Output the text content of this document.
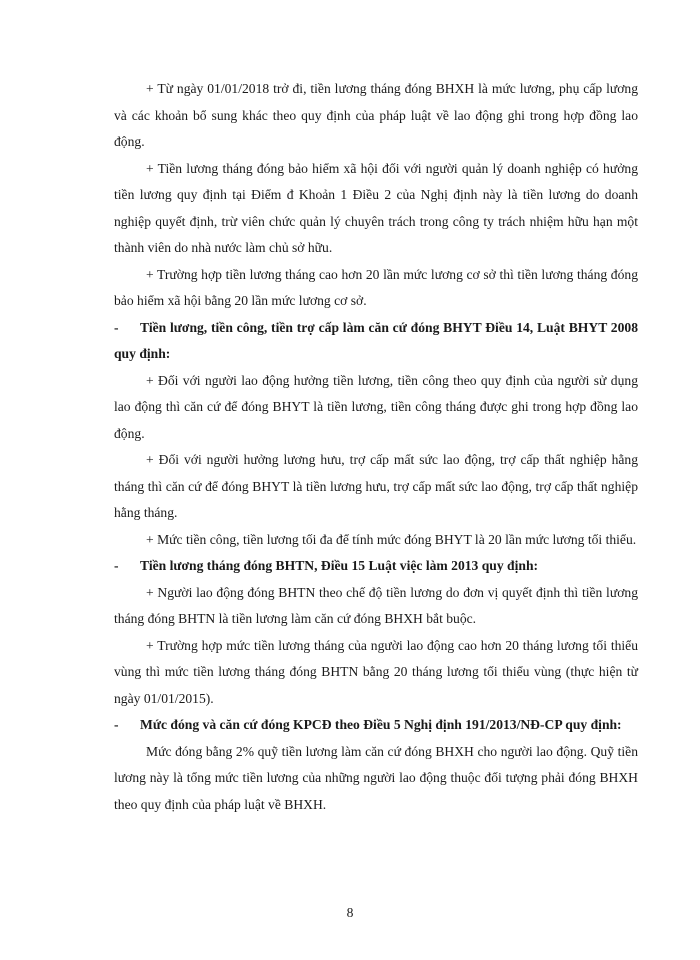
+ Từ ngày 01/01/2018 trở đi, tiền lương tháng đóng BHXH là mức lương, phụ cấp lương và các khoản bổ sung khác theo quy định của pháp luật về lao động ghi trong hợp đồng lao động.

+ Tiền lương tháng đóng bảo hiểm xã hội đối với người quản lý doanh nghiệp có hưởng tiền lương quy định tại Điểm đ Khoản 1 Điều 2 của Nghị định này là tiền lương do doanh nghiệp quyết định, trừ viên chức quản lý chuyên trách trong công ty trách nhiệm hữu hạn một thành viên do nhà nước làm chủ sở hữu.

+ Trường hợp tiền lương tháng cao hơn 20 lần mức lương cơ sở thì tiền lương tháng đóng bảo hiểm xã hội bằng 20 lần mức lương cơ sở.

- Tiền lương, tiền công, tiền trợ cấp làm căn cứ đóng BHYT Điều 14, Luật BHYT 2008 quy định:

+ Đối với người lao động hưởng tiền lương, tiền công theo quy định của người sử dụng lao động thì căn cứ để đóng BHYT là tiền lương, tiền công tháng được ghi trong hợp đồng lao động.

+ Đối với người hưởng lương hưu, trợ cấp mất sức lao động, trợ cấp thất nghiệp hằng tháng thì căn cứ để đóng BHYT là tiền lương hưu, trợ cấp mất sức lao động, trợ cấp thất nghiệp hằng tháng.

+ Mức tiền công, tiền lương tối đa để tính mức đóng BHYT là 20 lần mức lương tối thiểu.

- Tiền lương tháng đóng BHTN, Điều 15 Luật việc làm 2013 quy định:

+ Người lao động đóng BHTN theo chế độ tiền lương do đơn vị quyết định thì tiền lương tháng đóng BHTN là tiền lương làm căn cứ đóng BHXH bắt buộc.

+ Trường hợp mức tiền lương tháng của người lao động cao hơn 20 tháng lương tối thiểu vùng thì mức tiền lương tháng đóng BHTN bằng 20 tháng lương tối thiểu vùng (thực hiện từ ngày 01/01/2015).

- Mức đóng và căn cứ đóng KPCĐ theo Điều 5 Nghị định 191/2013/NĐ-CP quy định:

Mức đóng bằng 2% quỹ tiền lương làm căn cứ đóng BHXH cho người lao động. Quỹ tiền lương này là tổng mức tiền lương của những người lao động thuộc đối tượng phải đóng BHXH theo quy định của pháp luật về BHXH.

8
